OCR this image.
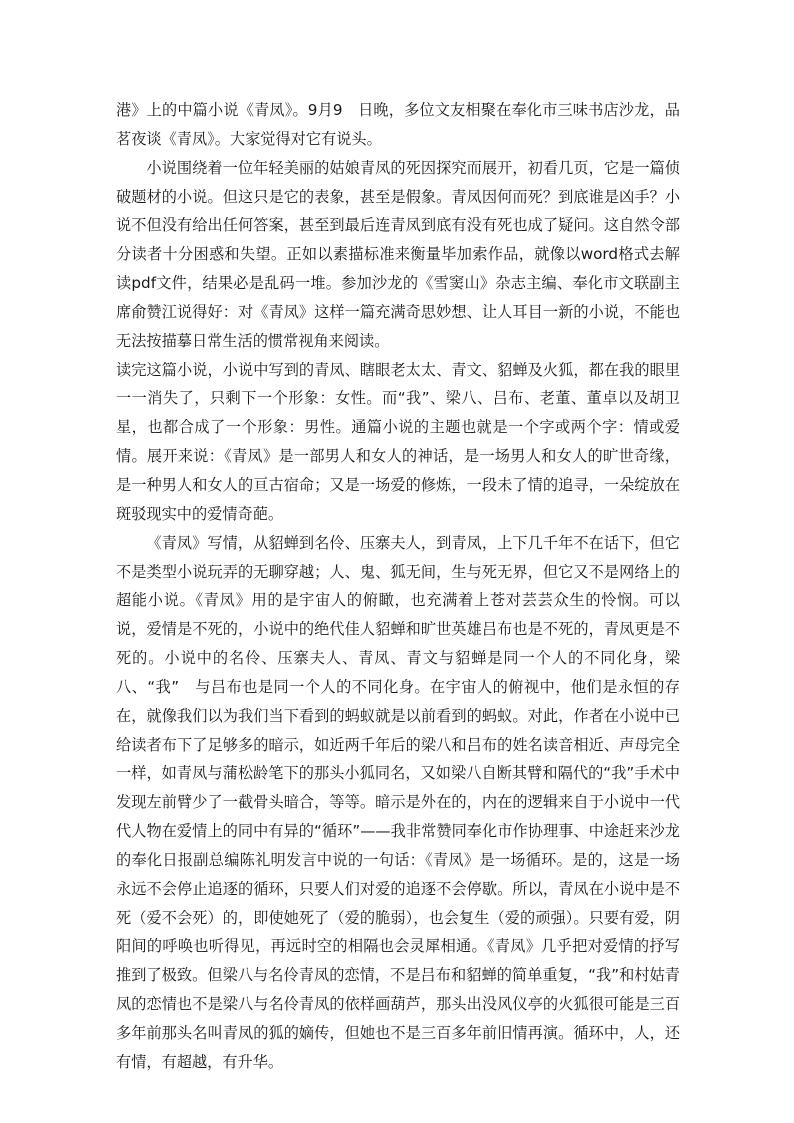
港》上的中篇小说《青凤》。9月9　日晚，多位文友相聚在奉化市三味书店沙龙，品茗夜谈《青凤》。大家觉得对它有说头。

小说围绕着一位年轻美丽的姑娘青凤的死因探究而展开，初看几页，它是一篇侦破题材的小说。但这只是它的表象，甚至是假象。青凤因何而死？到底谁是凶手？小说不但没有给出任何答案，甚至到最后连青凤到底有没有死也成了疑问。这自然令部分读者十分困惑和失望。正如以素描标准来衡量毕加索作品，就像以word格式去解读pdf文件，结果必是乱码一堆。参加沙龙的《雪窦山》杂志主编、奉化市文联副主席俞赞江说得好：对《青凤》这样一篇充满奇思妙想、让人耳目一新的小说，不能也无法按描摹日常生活的惯常视角来阅读。

读完这篇小说，小说中写到的青凤、瞎眼老太太、青文、貂蝉及火狐，都在我的眼里一一消失了，只剩下一个形象：女性。而“我”、梁八、吕布、老董、董卓以及胡卫星，也都合成了一个形象：男性。通篇小说的主题也就是一个字或两个字：情或爱情。展开来说：《青凤》是一部男人和女人的神话，是一场男人和女人的旷世奇缘，是一种男人和女人的亘古宿命；又是一场爱的修炼，一段未了情的追寻，一朵绽放在斑驳现实中的爱情奇葩。

《青凤》写情，从貂蝉到名伶、压寨夫人，到青凤，上下几千年不在话下，但它不是类型小说玩弄的无聊穿越；人、鬼、狐无间，生与死无界，但它又不是网络上的超能小说。《青凤》用的是宇宙人的俯瞰，也充满着上苍对芸芸众生的怜悯。可以说，爱情是不死的，小说中的绝代佳人貂蝉和旷世英雄吕布也是不死的，青凤更是不死的。小说中的名伶、压寨夫人、青凤、青文与貂蝉是同一个人的不同化身，梁八、“我”　与吕布也是同一个人的不同化身。在宇宙人的俯视中，他们是永恒的存在，就像我们以为我们当下看到的蚂蚁就是以前看到的蚂蚁。对此，作者在小说中已给读者布下了足够多的暗示，如近两千年后的梁八和吕布的姓名读音相近、声母完全一样，如青凤与蒲松龄笔下的那头小狐同名，又如梁八自断其臂和隔代的“我”手术中发现左前臂少了一截骨头暗合，等等。暗示是外在的，内在的逻辑来自于小说中一代代人物在爱情上的同中有异的“循环”——我非常赞同奉化市作协理事、中途赶来沙龙的奉化日报副总编陈礼明发言中说的一句话：《青凤》是一场循环。是的，这是一场永远不会停止追逐的循环，只要人们对爱的追逐不会停歇。所以，青凤在小说中是不死（爱不会死）的，即使她死了（爱的脆弱），也会复生（爱的顽强）。只要有爱，阴阳间的呼唤也听得见，再远时空的相隔也会灵犀相通。《青凤》几乎把对爱情的抒写推到了极致。但梁八与名伶青凤的恋情，不是吕布和貂蝉的简单重复，“我”和村姑青凤的恋情也不是梁八与名伶青凤的依样画葫芦，那头出没风仪亭的火狐很可能是三百多年前那头名叫青凤的狐的嫡传，但她也不是三百多年前旧情再演。循环中，人，还有情，有超越，有升华。
